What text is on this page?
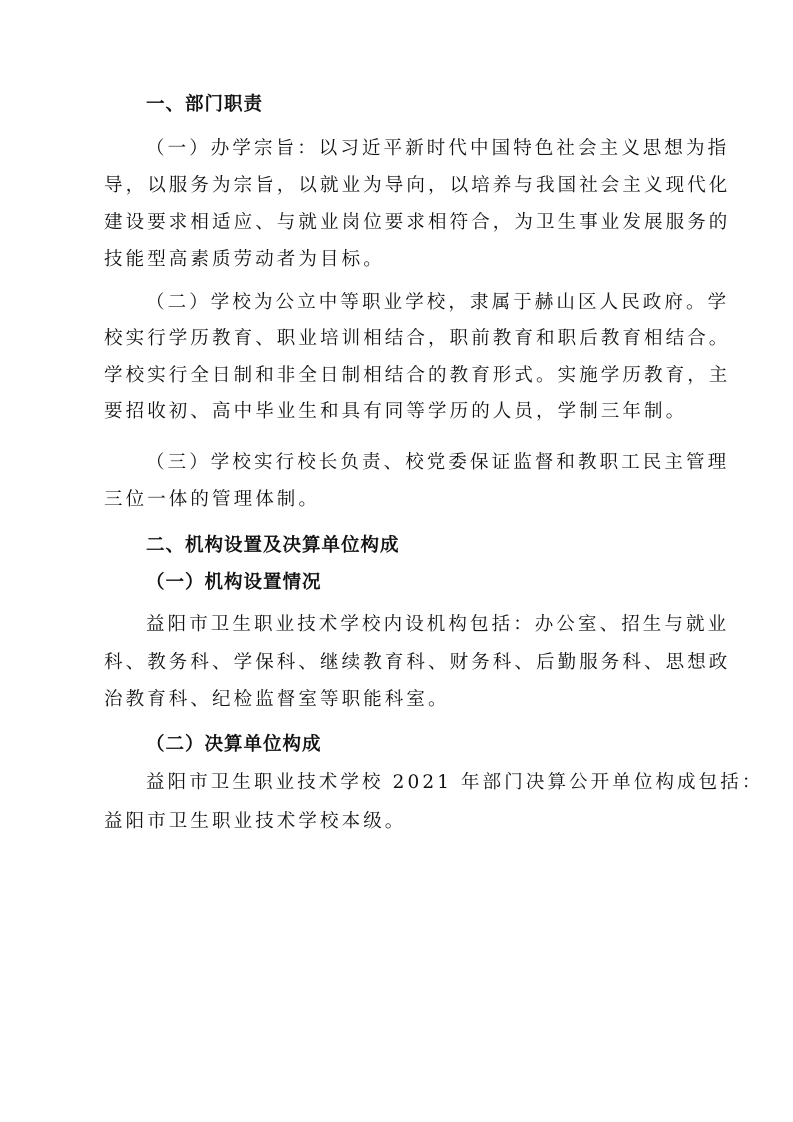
一、部门职责
（一）办学宗旨：以习近平新时代中国特色社会主义思想为指
导，以服务为宗旨，以就业为导向，以培养与我国社会主义现代化
建设要求相适应、与就业岗位要求相符合，为卫生事业发展服务的
技能型高素质劳动者为目标。
（二）学校为公立中等职业学校，隶属于赫山区人民政府。学
校实行学历教育、职业培训相结合，职前教育和职后教育相结合。
学校实行全日制和非全日制相结合的教育形式。实施学历教育，主
要招收初、高中毕业生和具有同等学历的人员，学制三年制。
（三）学校实行校长负责、校党委保证监督和教职工民主管理
三位一体的管理体制。
二、机构设置及决算单位构成
（一）机构设置情况
益阳市卫生职业技术学校内设机构包括：办公室、招生与就业
科、教务科、学保科、继续教育科、财务科、后勤服务科、思想政
治教育科、纪检监督室等职能科室。
（二）决算单位构成
益阳市卫生职业技术学校 2021 年部门决算公开单位构成包括：
益阳市卫生职业技术学校本级。
